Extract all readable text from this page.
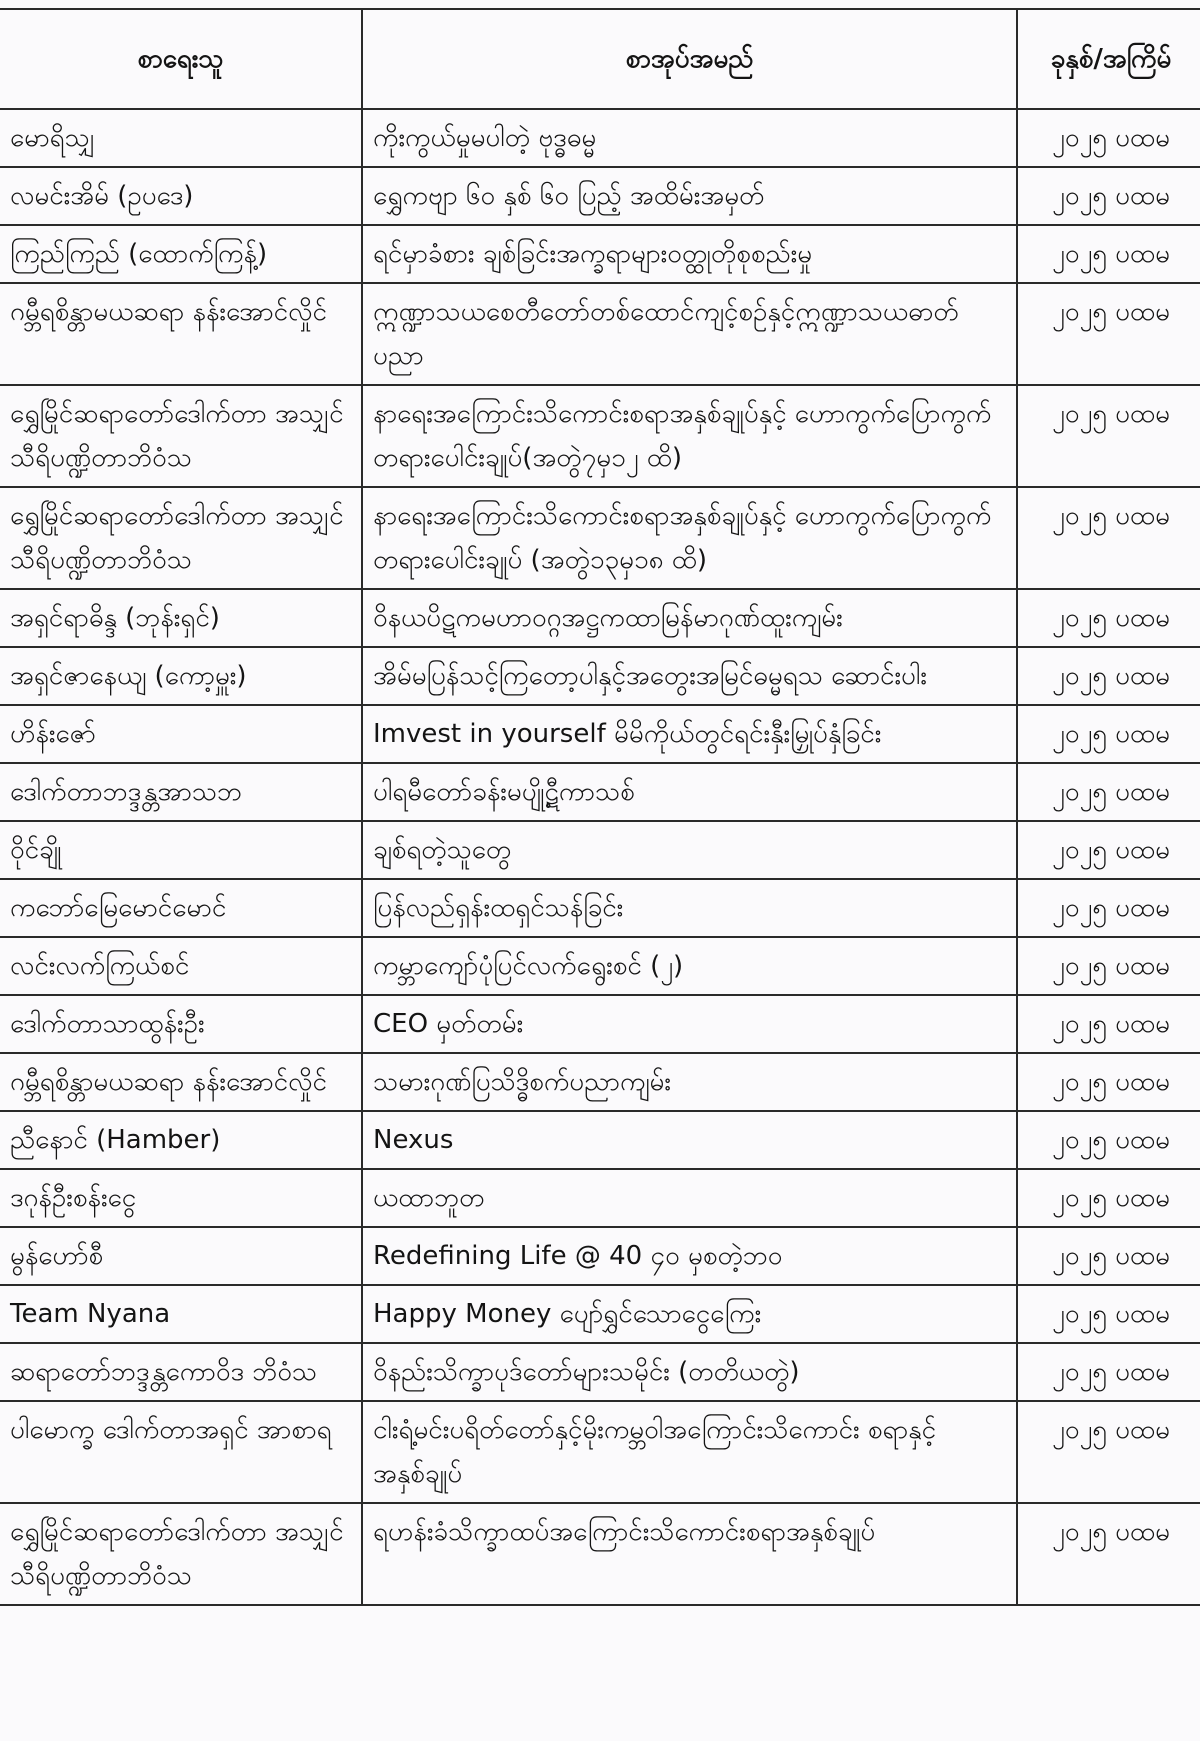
စာရေးသူ	စာအုပ်အမည်	ခုနှစ်/အကြိမ်
မောရိသျှ	ကိုးကွယ်မှုမပါတဲ့ ဗုဒ္ဓဓမ္မ	၂၀၂၅ ပထမ
လမင်းအိမ် (ဥပဒေ)	ရွှေကဗျာ ၆၀ နှစ် ၆၀ ပြည့် အထိမ်းအမှတ်	၂၀၂၅ ပထမ
ကြည်ကြည် (ထောက်ကြန့်)	ရင်မှာခံစား ချစ်ခြင်းအက္ခရာများဝတ္ထုတိုစုစည်းမှု	၂၀၂၅ ပထမ
ဂမ္ဘီရစိန္တာမယဆရာ နန်းအောင်လှိုင်	ဣဏ္ဍာသယစေတီတော်တစ်ထောင်ကျင့်စဉ်နှင့်ဣဏ္ဍာသယဓာတ်ပညာ	၂၀၂၅ ပထမ
ရွှေမြိုင်ဆရာတော်ဒေါက်တာ အသျှင်သီရိပဏ္ဍိတာဘိဝံသ	နာရေးအကြောင်းသိကောင်းစရာအနှစ်ချုပ်နှင့် ဟောကွက်ပြောကွက်တရားပေါင်းချုပ်(အတွဲ၇မှ၁၂ ထိ)	၂၀၂၅ ပထမ
ရွှေမြိုင်ဆရာတော်ဒေါက်တာ အသျှင်သီရိပဏ္ဍိတာဘိဝံသ	နာရေးအကြောင်းသိကောင်းစရာအနှစ်ချုပ်နှင့် ဟောကွက်ပြောကွက်တရားပေါင်းချုပ် (အတွဲ၁၃မှ၁၈ ထိ)	၂၀၂၅ ပထမ
အရှင်ရာဓိန္ဒ (ဘုန်းရှင်)	ဝိနယပိဋကမဟာဝဂ္ဂအဋ္ဌကထာမြန်မာဂုဏ်ထူးကျမ်း	၂၀၂၅ ပထမ
အရှင်ဇာနေယျ (ကော့မှူး)	အိမ်မပြန်သင့်ကြတော့ပါနှင့်အတွေးအမြင်ဓမ္မရသ ဆောင်းပါး	၂၀၂၅ ပထမ
ဟိန်းဇော်	Imvest in yourself မိမိကိုယ်တွင်ရင်းနှီးမြှုပ်နှံခြင်း	၂၀၂၅ ပထမ
ဒေါက်တာဘဒ္ဒန္တအာသဘ	ပါရမီတော်ခန်းမပျို့ဋီကာသစ်	၂၀၂၅ ပထမ
ဝိုင်ချို	ချစ်ရတဲ့သူတွေ	၂၀၂၅ ပထမ
ကဘော်မြေမောင်မောင်	ပြန်လည်ရှန်းထရှင်သန်ခြင်း	၂၀၂၅ ပထမ
လင်းလက်ကြယ်စင်	ကမ္ဘာကျော်ပုံပြင်လက်ရွေးစင် (၂)	၂၀၂၅ ပထမ
ဒေါက်တာသာထွန်းဦး	CEO မှတ်တမ်း	၂၀၂၅ ပထမ
ဂမ္ဘီရစိန္တာမယဆရာ နန်းအောင်လှိုင်	သမားဂုဏ်ပြသိဒ္ဓိစက်ပညာကျမ်း	၂၀၂၅ ပထမ
ညီနောင် (Hamber)	Nexus	၂၀၂၅ ပထမ
ဒဂုန်ဦးစန်းငွေ	ယထာဘူတ	၂၀၂၅ ပထမ
မွန်ဟော်စီ	Redefining Life @ 40 ၄၀ မှစတဲ့ဘဝ	၂၀၂၅ ပထမ
Team Nyana	Happy Money ပျော်ရွှင်သောငွေကြေး	၂၀၂၅ ပထမ
ဆရာတော်ဘဒ္ဒန္တကောဝိဒ ဘိဝံသ	ဝိနည်းသိက္ခာပုဒ်တော်များသမိုင်း (တတိယတွဲ)	၂၀၂၅ ပထမ
ပါမောက္ခ ဒေါက်တာအရှင် အာစာရ	ငါးရံ့မင်းပရိတ်တော်နှင့်မိုးကမ္ဘဝါအကြောင်းသိကောင်း စရာနှင့် အနှစ်ချုပ်	၂၀၂၅ ပထမ
ရွှေမြိုင်ဆရာတော်ဒေါက်တာ အသျှင်သီရိပဏ္ဍိတာဘိဝံသ	ရဟန်းခံသိက္ခာထပ်အကြောင်းသိကောင်းစရာအနှစ်ချုပ်	၂၀၂၅ ပထမ
